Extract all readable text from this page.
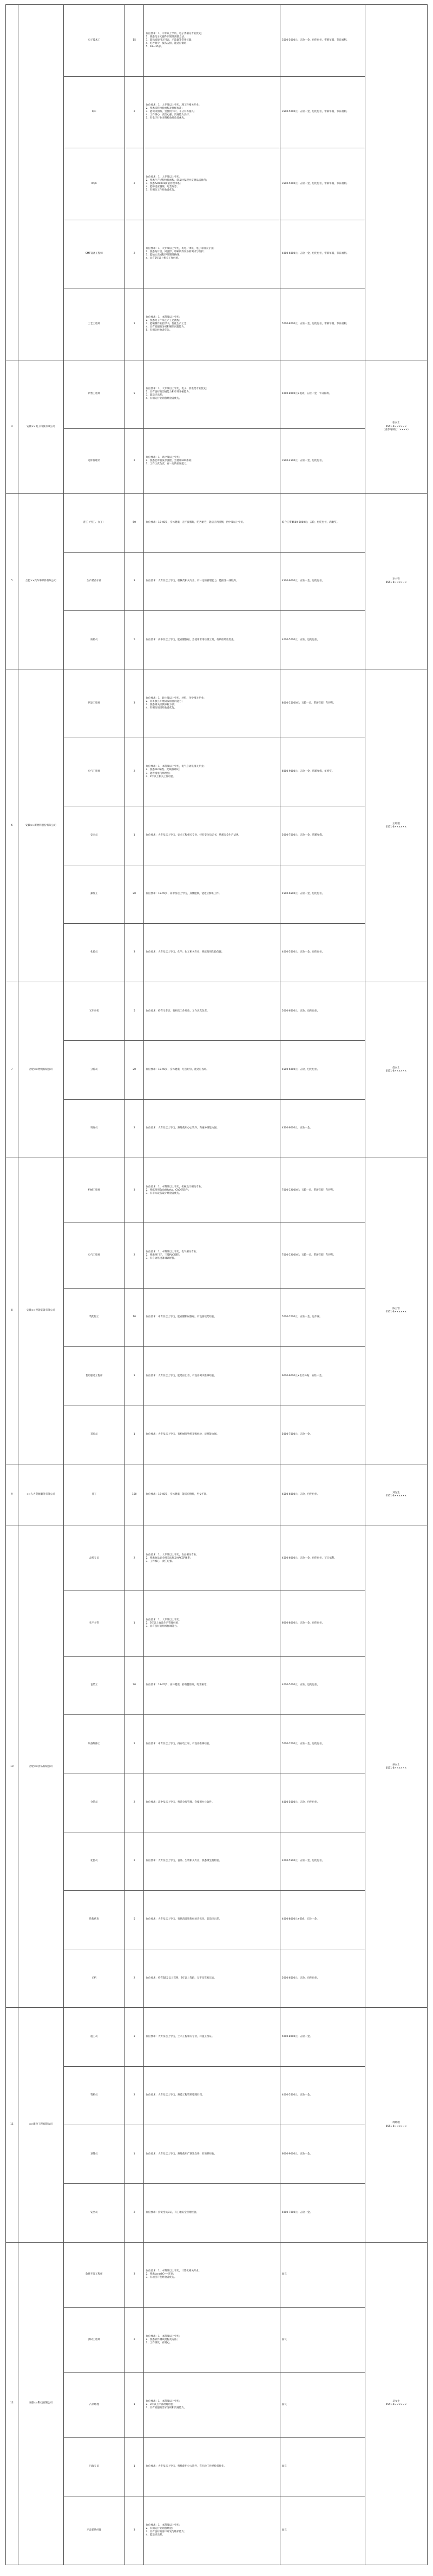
		电子技术工	15	岗位要求：1、中专以上学历，电子类相关专业优先；
2、熟悉电子元器件识别及测量方法；
3、能熟练使用万用表、示波器等常用仪器；
4、吃苦耐劳，服从安排，能适应倒班；
5、18—35岁。	3500-5000元；五险一金，包吃包住，带薪年假，节日福利。	
		IQC	2	岗位要求：1、大专及以上学历，理工科相关专业；
2、熟悉来料检验流程及抽样标准；
3、能识读图纸，会使用卡尺、千分尺等量具；
4、工作细心，责任心强，沟通能力良好；
5、有电子行业来料检验经验者优先。	3500-5000元；五险一金，包吃包住，带薪年假，节日福利。	
		IPQC	2	岗位要求：1、大专及以上学历；
2、熟悉生产过程检验流程，能及时发现并反馈品质异常；
3、熟悉ISO9001质量管理体系；
4、能够适应倒班，吃苦耐劳；
5、有相关工作经验者优先。	3500-5000元；五险一金，包吃包住，带薪年假，节日福利。	
		SMT设备工程师	2	岗位要求：1、大专及以上学历，机电一体化、电子等相关专业；
2、熟悉贴片机、回流焊、印刷机等设备的调试与维护；
3、能独立完成程序编制及换线；
4、具有2年以上相关工作经验。	4000-6000元；五险一金，包吃包住，带薪年假，节日福利。	
		工艺工程师	1	岗位要求：1、本科及以上学历；
2、熟悉电子产品生产工艺流程；
3、能编制作业指导书，优化生产工艺；
4、具有较强的分析和解决问题能力；
5、有相关经验者优先。	5000-8000元；五险一金，包吃包住，带薪年假，节日福利。	
4	安徽××电子科技有限公司	销售工程师	5	岗位要求：1、大专及以上学历，电子、机电类专业优先；
2、具有良好的沟通能力和市场开拓能力；
3、能适应出差；
4、有相关行业销售经验者优先。	4000-8000元+提成；五险一金，节日福利。	张女士
0551-6××××××
（请咨询网址：××××）
		仓库管理员	2	岗位要求：1、高中及以上学历；
2、熟悉仓库收发存流程，会使用ERP系统；
3、工作认真负责，有一定的抗压能力。	3500-4500元；五险一金，包吃包住。	
5	合肥××汽车零部件有限公司	普工（男工、女工）	50	岗位要求：18-45岁，身体健康，无不良嗜好，吃苦耐劳，能适应两班倒，初中及以上学历。	综合工资4500-6000元；五险，包吃包住，满勤奖。	李主管
0551-6××××××
		生产储备干部	3	岗位要求：大专及以上学历，机械类相关专业，有一定的管理能力，能接受一线锻炼。	4500-6000元；五险一金，包吃包住。	
		质检员	5	岗位要求：高中及以上学历，能看懂图纸，会使用常用检测工具，有质检经验优先。	4000-5000元；五险，包吃包住。	
6	安徽××新材料股份有限公司	研发工程师	3	岗位要求：1、硕士及以上学历，材料、化学相关专业；
2、具备独立开展研发项目的能力；
3、熟悉相关检测分析方法；
4、有相关项目经验者优先。	8000-15000元；五险一金，带薪年假，年终奖。	王经理
0551-6××××××
		电气工程师	2	岗位要求：1、本科及以上学历，电气自动化相关专业；
2、熟悉PLC编程、变频器调试；
3、能看懂电气原理图；
4、2年以上相关工作经验。	6000-9000元；五险一金，带薪年假，年终奖。	
		安全员	1	岗位要求：大专及以上学历，安全工程相关专业，持有安全员证书，熟悉安全生产法规。	5000-7000元；五险一金，带薪年假。	
		操作工	20	岗位要求：18-45岁，高中及以上学历，身体健康，能适应倒班工作。	4500-6500元；五险一金，包吃包住。	
		化验员	3	岗位要求：大专及以上学历，化学、化工相关专业，熟练使用化验仪器。	4000-5500元；五险一金，包吃包住。	
7	合肥××物流有限公司	叉车司机	5	岗位要求：持有叉车证，有相关工作经验，工作认真负责。	5000-6500元；五险，包吃包住。	赵女士
0551-6××××××
		分拣员	20	岗位要求：18-45岁，身体健康，吃苦耐劳，能适应夜班。	4500-6000元；五险，包吃包住。	
		调度员	2	岗位要求：大专及以上学历，熟练使用办公软件，沟通协调能力强。	4500-6000元；五险一金。	
8	安徽××智能装备有限公司	机械工程师	3	岗位要求：1、本科及以上学历，机械设计相关专业；
2、熟练使用SolidWorks、CAD等软件；
3、有非标设备设计经验者优先。	7000-12000元；五险一金，带薪年假，年终奖。	陈主管
0551-6××××××
		电气工程师	2	岗位要求：1、本科及以上学历，电气相关专业；
2、熟悉西门子、三菱PLC编程；
3、有自动化设备调试经验。	7000-12000元；五险一金，带薪年假，年终奖。	
		装配钳工	10	岗位要求：中专及以上学历，能看懂机械图纸，有设备装配经验。	5000-7000元；五险一金，包午餐。	
		售后服务工程师	3	岗位要求：大专及以上学历，能适应出差，有设备调试维修经验。	6000-9000元+出差补贴；五险一金。	
		采购员	1	岗位要求：大专及以上学历，有机械类物料采购经验，谈判能力强。	5000-7000元；五险一金。	
9	××人力资源服务有限公司	普工	100	岗位要求：18-45岁，身体健康，能适应倒班，男女不限。	4500-6000元；五险，包吃包住。	刘先生
0551-6××××××
10	合肥××食品有限公司	品控专员	2	岗位要求：1、大专及以上学历，食品相关专业；
2、熟悉食品安全相关法规及HACCP体系；
3、工作细心，责任心强。	4500-6000元；五险一金，包吃包住，节日福利。	孙女士
0551-6××××××
		生产主管	1	岗位要求：1、大专及以上学历；
2、3年以上食品生产管理经验；
3、具有良好的组织协调能力。	6000-8000元；五险一金，包吃包住。	
		包装工	20	岗位要求：18-45岁，身体健康，持有健康证，吃苦耐劳。	4000-5000元；五险，包吃包住。	
		设备维修工	2	岗位要求：中专及以上学历，持有电工证，有设备维修经验。	5000-7000元；五险一金，包吃包住。	
		仓管员	2	岗位要求：高中及以上学历，熟悉仓库管理，会使用办公软件。	4000-5000元；五险，包吃包住。	
		化验员	2	岗位要求：大专及以上学历，食品、生物相关专业，熟悉微生物检验。	4000-5500元；五险一金，包吃包住。	
		销售代表	5	岗位要求：大专及以上学历，有快消品销售经验者优先，能适应出差。	4000-8000元+提成；五险一金。	
		司机	2	岗位要求：持有B2及以上驾照，3年以上驾龄，无不良驾驶记录。	5000-6500元；五险，包吃包住。	
11	××建设工程有限公司	施工员	3	岗位要求：大专及以上学历，土木工程相关专业，持施工员证。	5000-8000元；五险一金。	周经理
0551-6××××××
		资料员	2	岗位要求：大专及以上学历，熟悉工程资料整理归档。	4000-5500元；五险一金。	
		预算员	1	岗位要求：大专及以上学历，熟练使用广联达软件，有预算经验。	6000-9000元；五险一金。	
		安全员	2	岗位要求：持安全员C证，有工地安全管理经验。	5000-7000元；五险一金。	
12	安徽××科技有限公司	软件开发工程师	3	岗位要求：1、本科及以上学历，计算机相关专业；
2、熟悉Java或C++开发；
3、有项目开发经验者优先。	面议	吴女士
0551-6××××××
		测试工程师	2	岗位要求：1、本科及以上学历；
2、熟悉软件测试流程及方法；
3、工作细致，有耐心。	面议	
		产品经理	1	岗位要求：1、本科及以上学历；
2、3年以上产品经理经验；
3、具有较强的需求分析和沟通能力。	面议	
		行政专员	1	岗位要求：大专及以上学历，熟练使用办公软件，有行政工作经验者优先。	面议	
		产品销售经理	3	岗位要求：1、本科及以上学历；
2、有相关行业销售经验；
3、具有良好的客户开发与维护能力；
4、能适应出差。	面议	
